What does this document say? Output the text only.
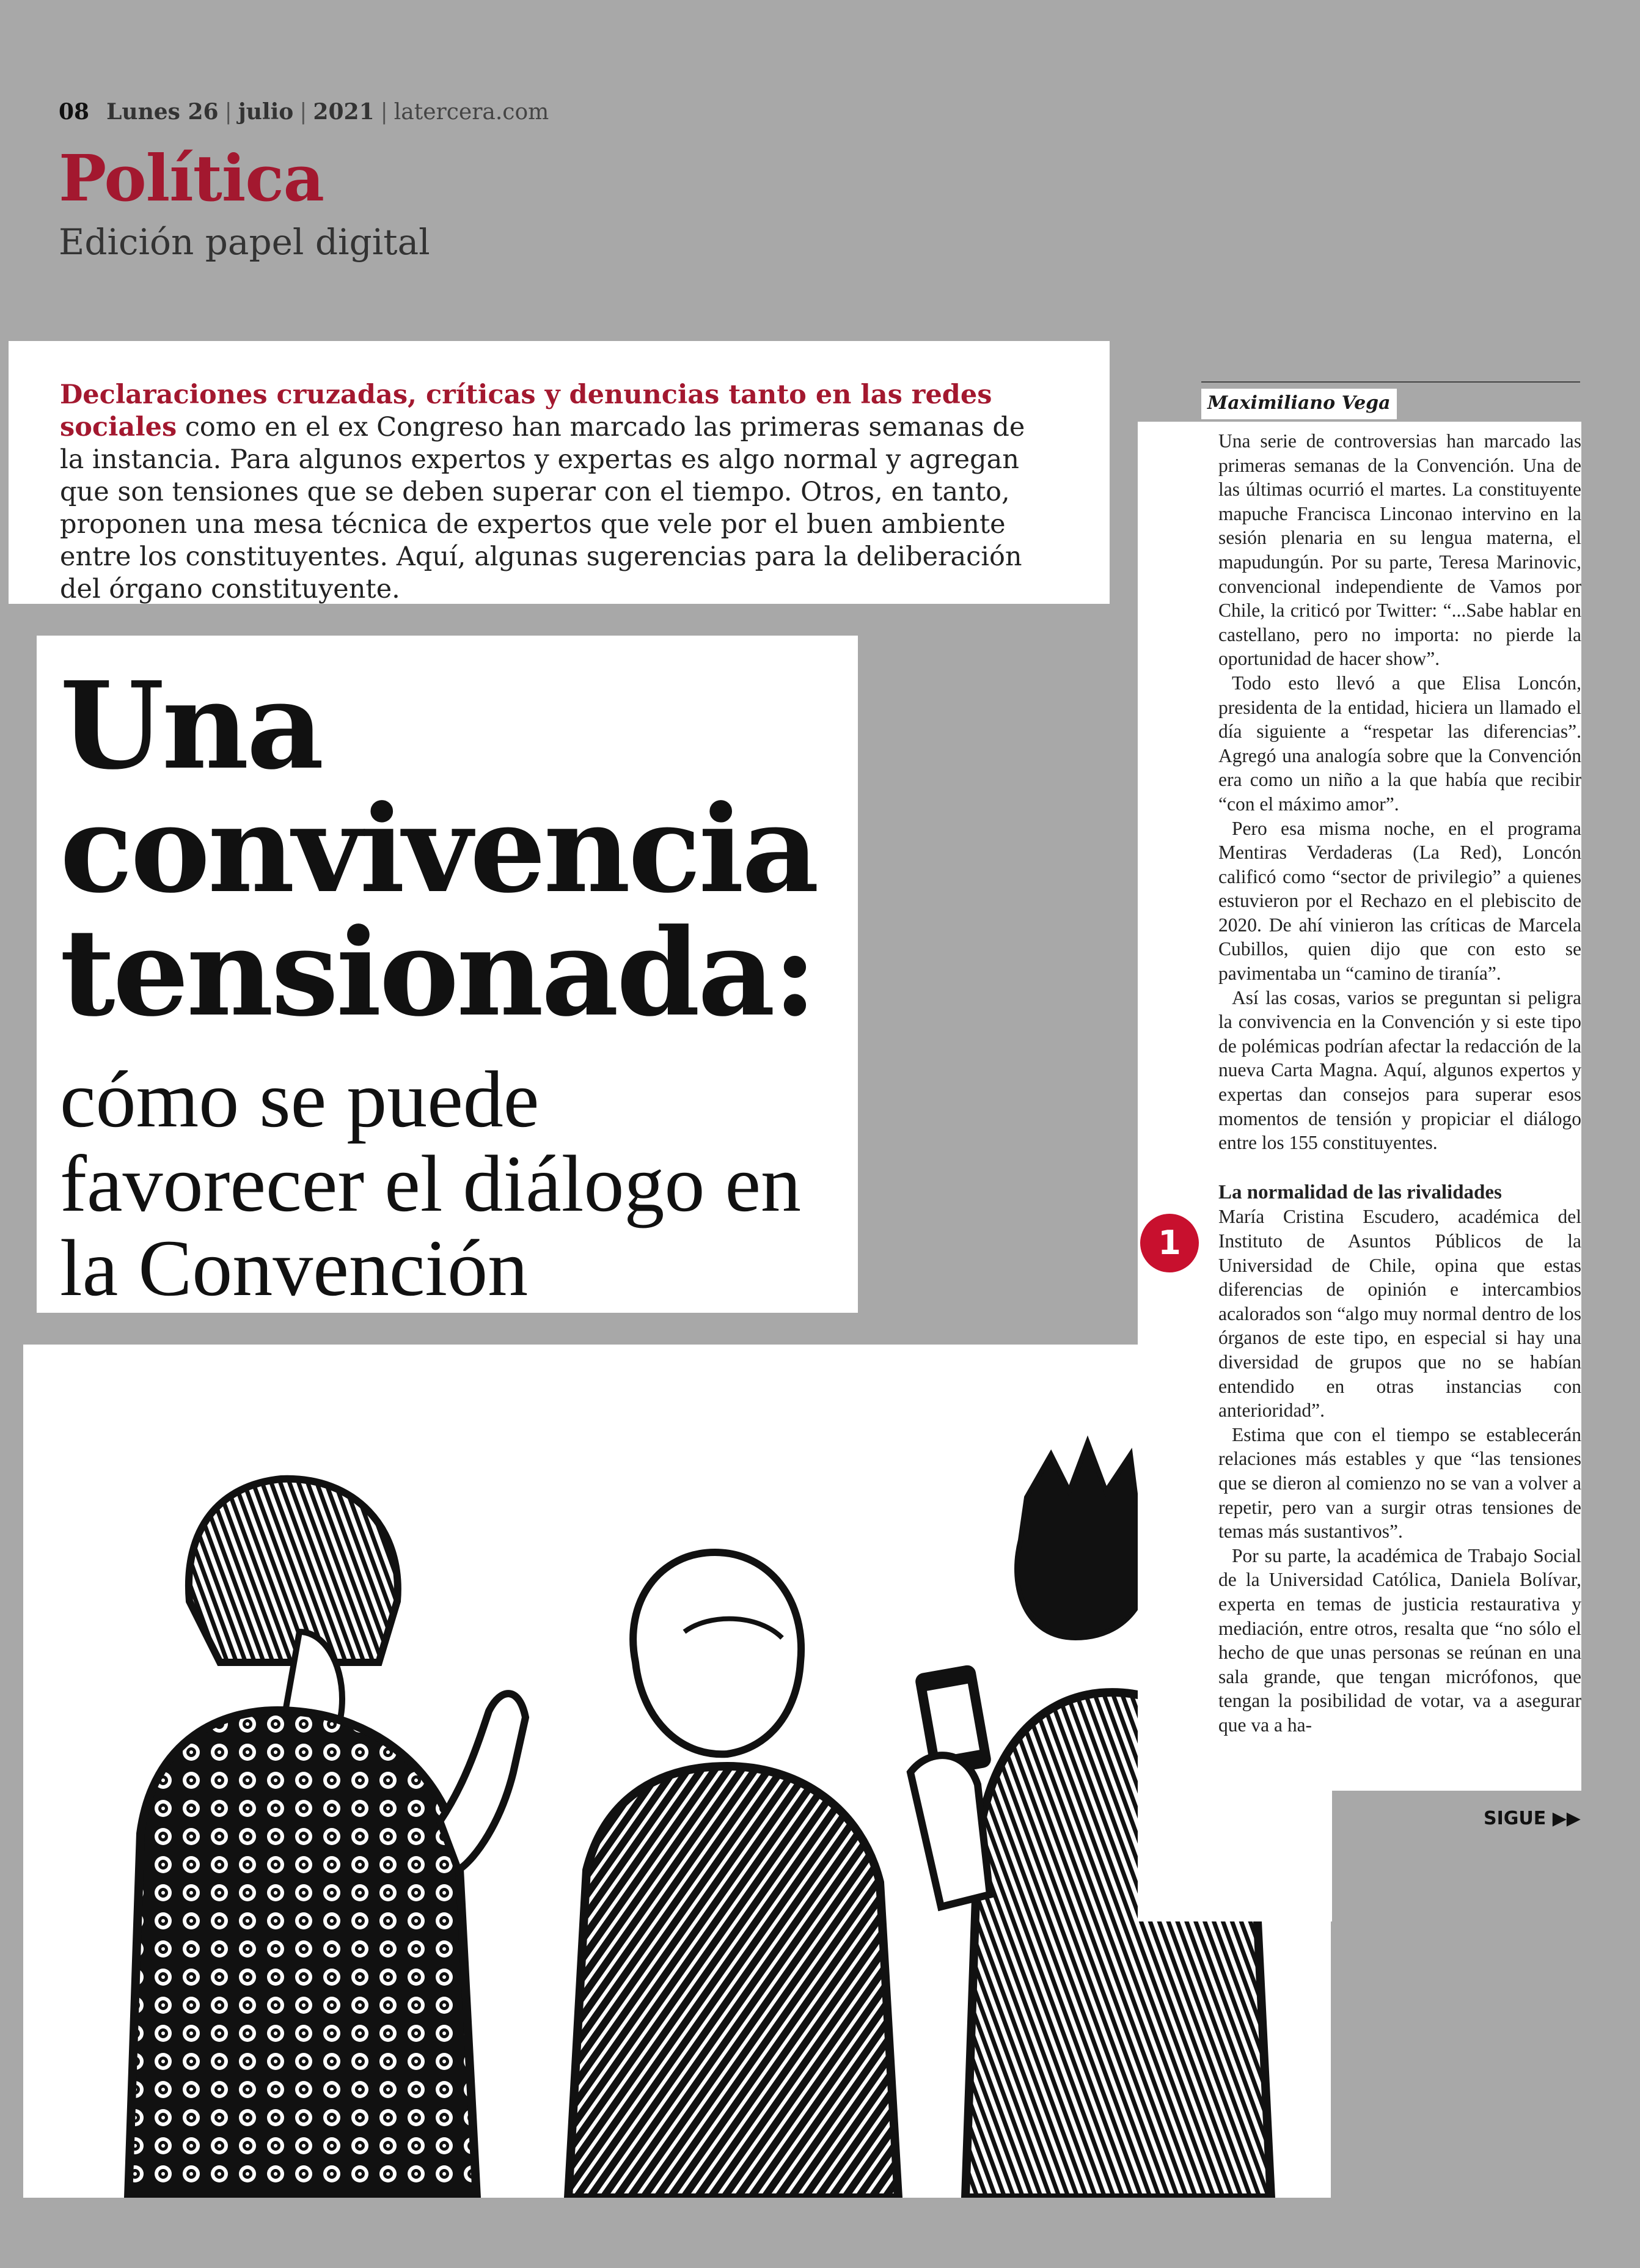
08 Lunes 26 | julio | 2021 | latercera.com
Política
Edición papel digital
Declaraciones cruzadas, críticas y denuncias tanto en las redes sociales como en el ex Congreso han marcado las primeras semanas de la instancia. Para algunos expertos y expertas es algo normal y agregan que son tensiones que se deben superar con el tiempo. Otros, en tanto, proponen una mesa técnica de expertos que vele por el buen ambiente entre los constituyentes. Aquí, algunas sugerencias para la deliberación del órgano constituyente.
Una
convivencia
tensionada:
cómo se puede favorecer el diálogo en la Convención
Maximiliano Vega

Una serie de controversias han marcado las primeras semanas de la Convención. Una de las últimas ocurrió el martes. La constituyente mapuche Francisca Linconao intervino en la sesión plenaria en su lengua materna, el mapudungún. Por su parte, Teresa Marinovic, convencional independiente de Vamos por Chile, la criticó por Twitter: “...Sabe hablar en castellano, pero no importa: no pierde la oportunidad de hacer show”.

Todo esto llevó a que Elisa Loncón, presidenta de la entidad, hiciera un llamado el día siguiente a “respetar las diferencias”. Agregó una analogía sobre que la Convención era como un niño a la que había que recibir “con el máximo amor”.

Pero esa misma noche, en el programa Mentiras Verdaderas (La Red), Loncón calificó como “sector de privilegio” a quienes estuvieron por el Rechazo en el plebiscito de 2020. De ahí vinieron las críticas de Marcela Cubillos, quien dijo que con esto se pavimentaba un “camino de tiranía”.

Así las cosas, varios se preguntan si peligra la convivencia en la Convención y si este tipo de polémicas podrían afectar la redacción de la nueva Carta Magna. Aquí, algunos expertos y expertas dan consejos para superar esos momentos de tensión y propiciar el diálogo entre los 155 constituyentes.

La normalidad de las rivalidades

María Cristina Escudero, académica del Instituto de Asuntos Públicos de la Universidad de Chile, opina que estas diferencias de opinión e intercambios acalorados son “algo muy normal dentro de los órganos de este tipo, en especial si hay una diversidad de grupos que no se habían entendido en otras instancias con anterioridad”.

Estima que con el tiempo se establecerán relaciones más estables y que “las tensiones que se dieron al comienzo no se van a volver a repetir, pero van a surgir otras tensiones de temas más sustantivos”.

Por su parte, la académica de Trabajo Social de la Universidad Católica, Daniela Bolívar, experta en temas de justicia restaurativa y mediación, entre otros, resalta que “no sólo el hecho de que unas personas se reúnan en una sala grande, que tengan micrófonos, que tengan la posibilidad de votar, va a asegurar que va a ha-

1
SIGUE ▶▶
